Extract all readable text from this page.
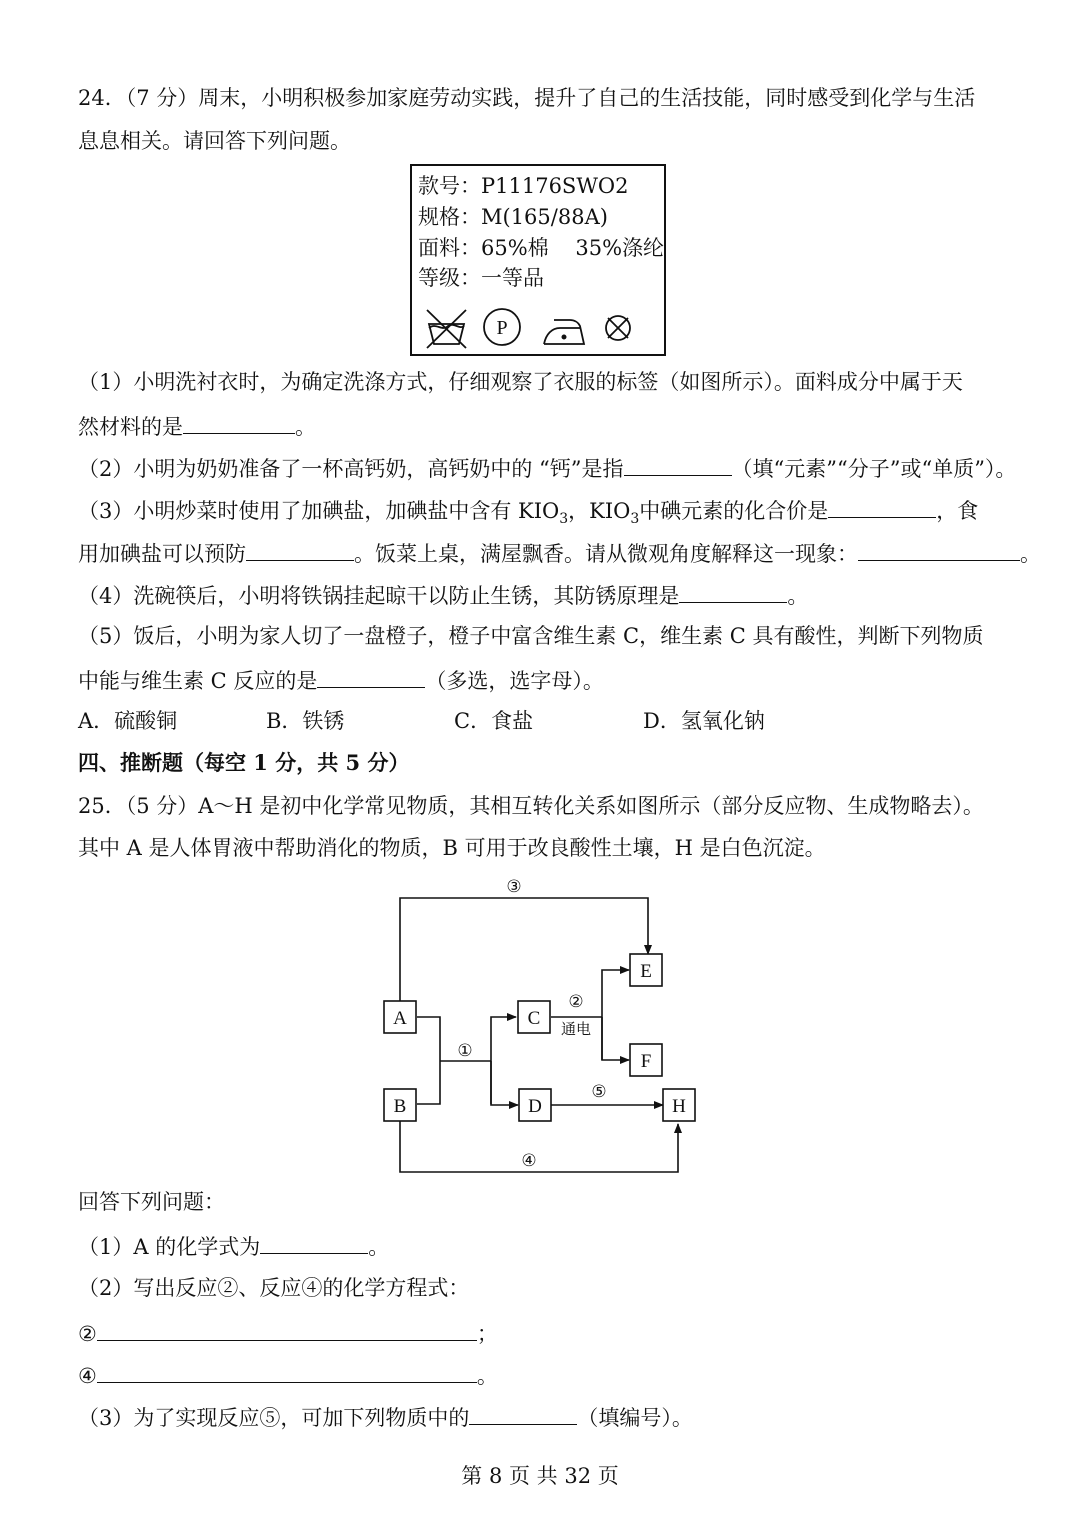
24．（7 分）周末，小明积极参加家庭劳动实践，提升了自己的生活技能，同时感受到化学与生活
息息相关。请回答下列问题。
款号：P11176SWO2
规格：M(165/88A)
面料：65%棉    35%涤纶
等级：一等品
P
（1）小明洗衬衣时，为确定洗涤方式，仔细观察了衣服的标签（如图所示）。面料成分中属于天
然材料的是	。
（2）小明为奶奶准备了一杯高钙奶，高钙奶中的 “钙”是指	（填“元素”“分子”或“单质”）。
（3）小明炒菜时使用了加碘盐，加碘盐中含有 $KIO_3$，$KIO_3$中碘元素的化合价是	，食
用加碘盐可以预防	。饭菜上桌，满屋飘香。请从微观角度解释这一现象：	。
（4）洗碗筷后，小明将铁锅挂起晾干以防止生锈，其防锈原理是	。
（5）饭后，小明为家人切了一盘橙子，橙子中富含维生素 C，维生素 C 具有酸性，判断下列物质
中能与维生素 C 反应的是	（多选，选字母）。
A．硫酸铜	B．铁锈	C．食盐	D．氢氧化钠
四、推断题（每空 1 分，共 5 分）
25．（5 分）A～H 是初中化学常见物质，其相互转化关系如图所示（部分反应物、生成物略去）。
其中 A 是人体胃液中帮助消化的物质，B 可用于改良酸性土壤，H 是白色沉淀。
A
B
C
D
E
F
H
③
①
②
通电
⑤
④
回答下列问题：
（1）A 的化学式为	。
（2）写出反应②、反应④的化学方程式：
②	；
④	。
（3）为了实现反应⑤，可加下列物质中的	（填编号）。
第 8 页 共 32 页
